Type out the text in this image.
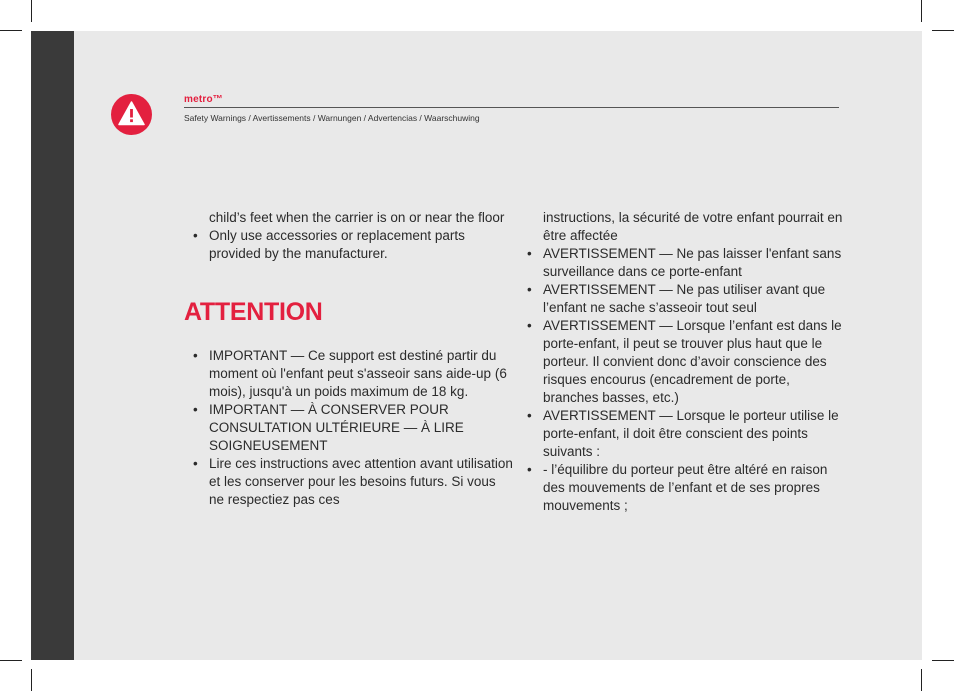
metro™
Safety Warnings / Avertissements / Warnungen / Advertencias / Waarschuwing
child’s feet when the carrier is on or near the floor
• Only use accessories or replacement parts provided by the manufacturer.
ATTENTION
• IMPORTANT — Ce support est destiné partir du moment où l'enfant peut s'asseoir sans aide-up (6 mois), jusqu'à un poids maximum de 18 kg.
• IMPORTANT — À CONSERVER POUR CONSULTATION ULTÉRIEURE — À LIRE SOIGNEUSEMENT
• Lire ces instructions avec attention avant utilisation et les conserver pour les besoins futurs. Si vous ne respectiez pas ces
instructions, la sécurité de votre enfant pourrait en être affectée
• AVERTISSEMENT — Ne pas laisser l'enfant sans surveillance dans ce porte-enfant
• AVERTISSEMENT — Ne pas utiliser avant que l’enfant ne sache s’asseoir tout seul
• AVERTISSEMENT — Lorsque l’enfant est dans le porte-enfant, il peut se trouver plus haut que le porteur. Il convient donc d’avoir conscience des risques encourus (encadrement de porte, branches basses, etc.)
• AVERTISSEMENT — Lorsque le porteur utilise le porte-enfant, il doit être conscient des points suivants :
• - l’équilibre du porteur peut être altéré en raison des mouvements de l’enfant et de ses propres mouvements ;
